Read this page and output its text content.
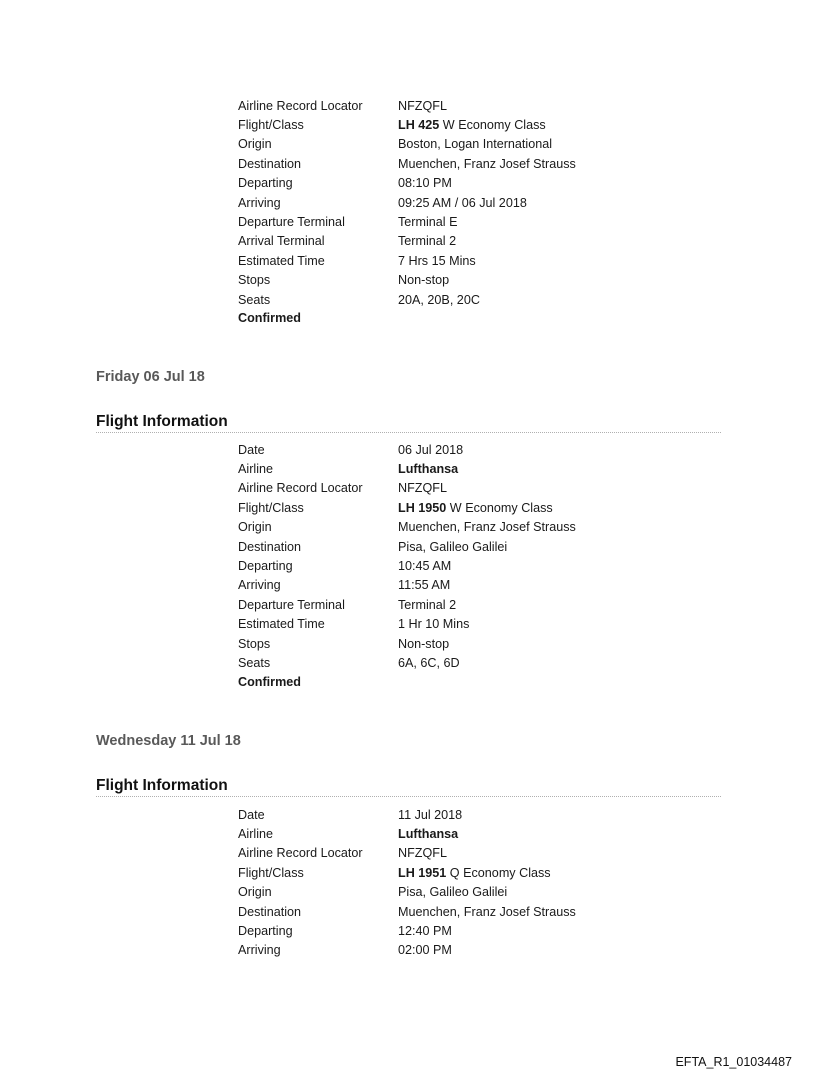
Airline Record Locator	NFZQFL
Flight/Class	LH 425 W Economy Class
Origin	Boston, Logan International
Destination	Muenchen, Franz Josef Strauss
Departing	08:10 PM
Arriving	09:25 AM / 06 Jul 2018
Departure Terminal	Terminal E
Arrival Terminal	Terminal 2
Estimated Time	7 Hrs 15 Mins
Stops	Non-stop
Seats	20A, 20B, 20C
Confirmed
Friday 06 Jul 18
Flight Information
Date	06 Jul 2018
Airline	Lufthansa
Airline Record Locator	NFZQFL
Flight/Class	LH 1950 W Economy Class
Origin	Muenchen, Franz Josef Strauss
Destination	Pisa, Galileo Galilei
Departing	10:45 AM
Arriving	11:55 AM
Departure Terminal	Terminal 2
Estimated Time	1 Hr 10 Mins
Stops	Non-stop
Seats	6A, 6C, 6D
Confirmed
Wednesday 11 Jul 18
Flight Information
Date	11 Jul 2018
Airline	Lufthansa
Airline Record Locator	NFZQFL
Flight/Class	LH 1951 Q Economy Class
Origin	Pisa, Galileo Galilei
Destination	Muenchen, Franz Josef Strauss
Departing	12:40 PM
Arriving	02:00 PM
EFTA_R1_01034487
